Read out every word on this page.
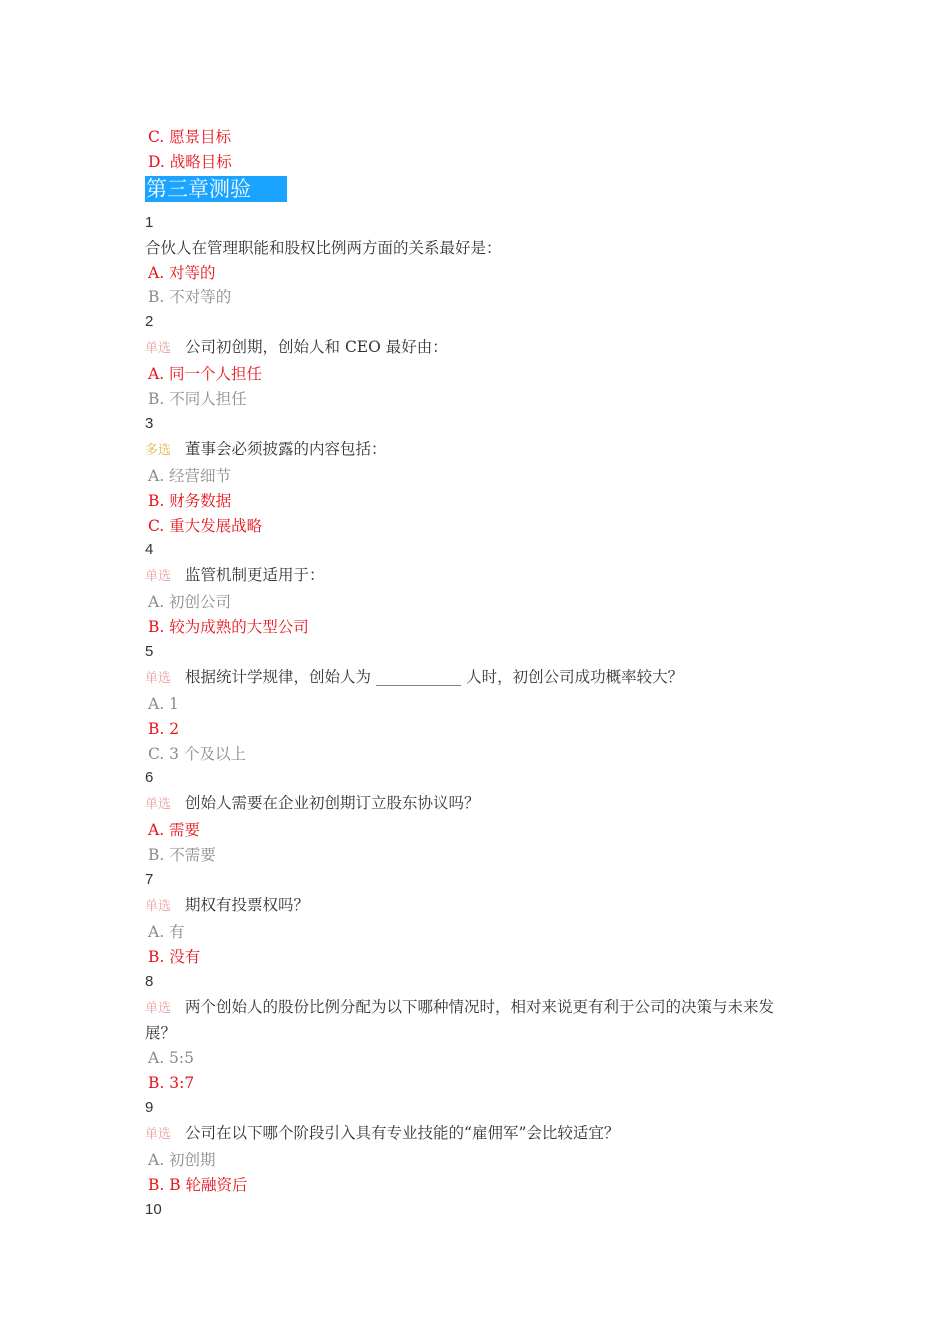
C. 愿景目标
D. 战略目标
第三章测验
1
合伙人在管理职能和股权比例两方面的关系最好是：
A. 对等的
B. 不对等的
2
单选 公司初创期，创始人和 CEO 最好由：
A. 同一个人担任
B. 不同人担任
3
多选 董事会必须披露的内容包括：
A. 经营细节
B. 财务数据
C. 重大发展战略
4
单选 监管机制更适用于：
A. 初创公司
B. 较为成熟的大型公司
5
单选 根据统计学规律，创始人为 ___________ 人时，初创公司成功概率较大？
A. 1
B. 2
C. 3 个及以上
6
单选 创始人需要在企业初创期订立股东协议吗？
A. 需要
B. 不需要
7
单选 期权有投票权吗？
A. 有
B. 没有
8
单选 两个创始人的股份比例分配为以下哪种情况时，相对来说更有利于公司的决策与未来发展？
A. 5:5
B. 3:7
9
单选 公司在以下哪个阶段引入具有专业技能的“雇佣军”会比较适宜？
A. 初创期
B. B 轮融资后
10
